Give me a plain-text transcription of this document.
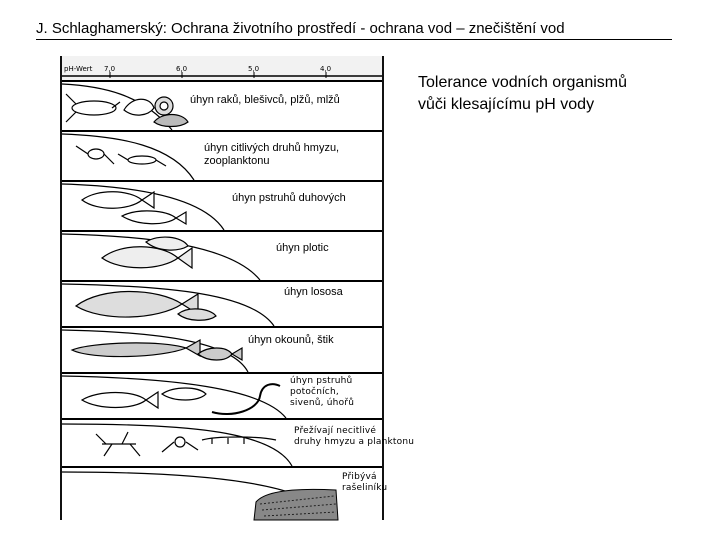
J. Schlaghamerský: Ochrana životního prostředí - ochrana vod – znečištění vod
Tolerance vodních organismů
vůči klesajícímu pH vody
pH-Wert 7,0	6,0	5,0	4,0
úhyn raků, blešivců, plžů, mlžů
úhyn citlivých druhů hmyzu,
zooplanktonu
úhyn pstruhů duhových
úhyn plotic
úhyn lososa
úhyn okounů, štik
úhyn pstruhů
potočních,
sivenů, úhořů
Přežívají necitlivé
druhy hmyzu a planktonu
Přibývá
rašeliníku
